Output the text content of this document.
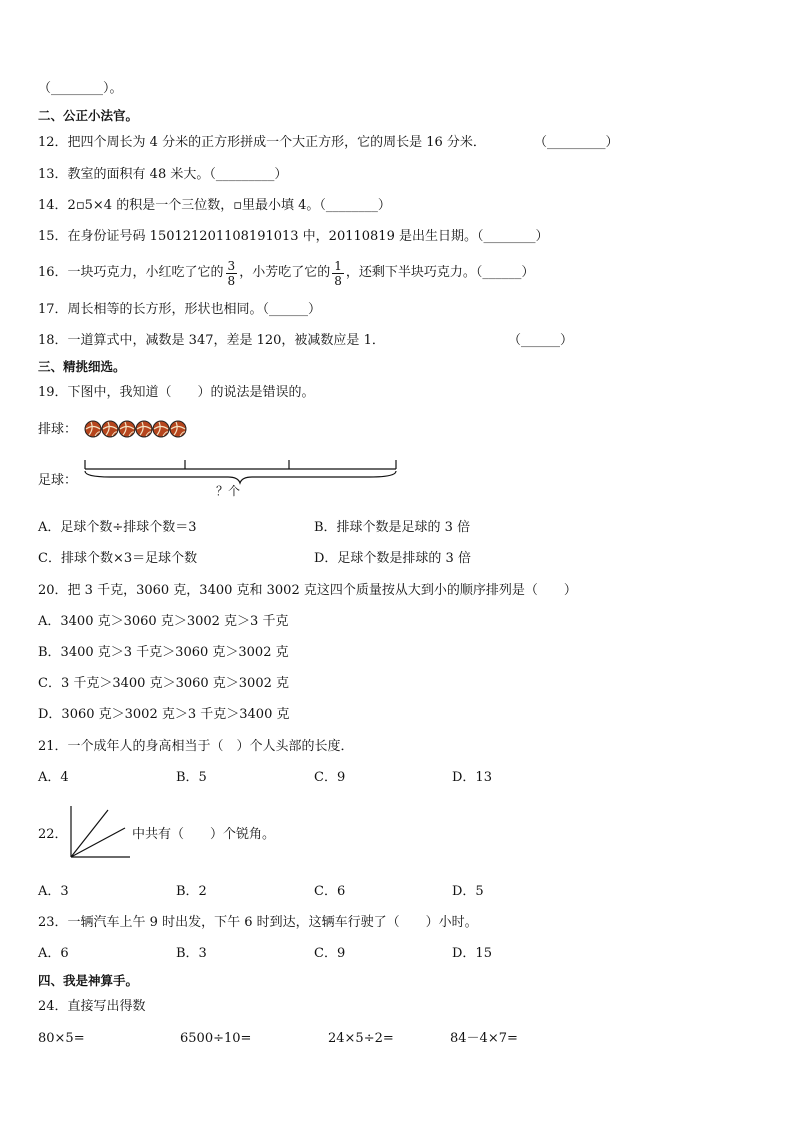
（________）。
二、公正小法官。
12．把四个周长为 4 分米的正方形拼成一个大正方形，它的周长是 16 分米．	（_________）
13．教室的面积有 48 米大。（_________）
14．2▫5×4 的积是一个三位数，▫里最小填 4。（________）
15．在身份证号码 150121201108191013 中，20110819 是出生日期。（________）
16．一块巧克力，小红吃了它的 $\frac{3}{8}$ ，小芳吃了它的 $\frac{1}{8}$ ，还剩下半块巧克力。（______）
17．周长相等的长方形，形状也相同。（______）
18．一道算式中，减数是 347，差是 120，被减数应是 1．	（______）
三、精挑细选。
19．下图中，我知道（　　）的说法是错误的。
排球：
足球：
？个
A．足球个数÷排球个数＝3	B．排球个数是足球的 3 倍
C．排球个数×3＝足球个数	D．足球个数是排球的 3 倍
20．把 3 千克，3060 克，3400 克和 3002 克这四个质量按从大到小的顺序排列是（　　）
A．3400 克＞3060 克＞3002 克＞3 千克
B．3400 克＞3 千克＞3060 克＞3002 克
C．3 千克＞3400 克＞3060 克＞3002 克
D．3060 克＞3002 克＞3 千克＞3400 克
21．一个成年人的身高相当于（　）个人头部的长度．
A．4	B．5	C．9	D．13
22．	中共有（　　）个锐角。
A．3	B．2	C．6	D．5
23．一辆汽车上午 9 时出发，下午 6 时到达，这辆车行驶了（　　）小时。
A．6	B．3	C．9	D．15
四、我是神算手。
24．直接写出得数
80×5=	6500÷10=	24×5÷2=	84－4×7=
